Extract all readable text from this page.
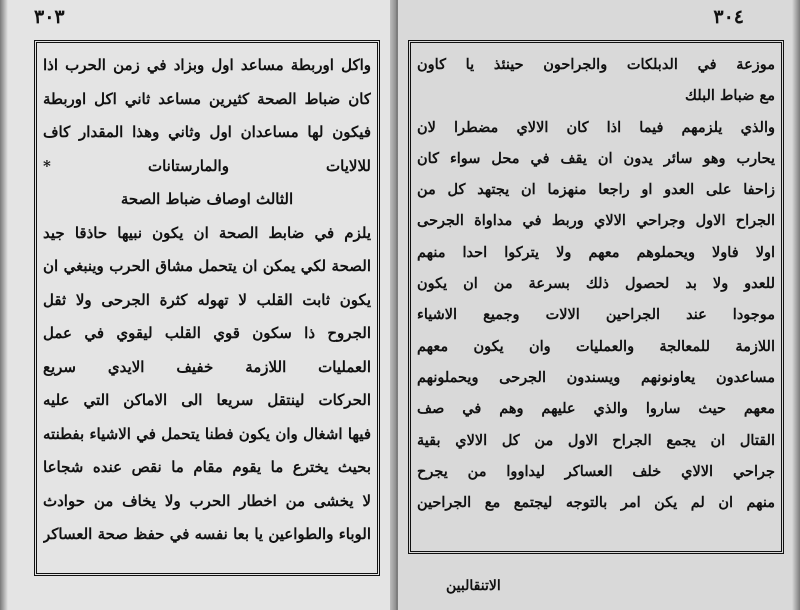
٣٠٣
واكل اوربطة مساعد اول وبزاد في زمن الحرب اذا
كان ضباط الصحة كثيرين مساعد ثاني اكل اوربطة
فيكون لها مساعدان اول وثاني وهذا المقدار كاف
للالايات والمارستانات *
الثالث اوصاف ضباط الصحة
يلزم في ضابط الصحة ان يكون نبيها حاذقا جيد
الصحة لكي يمكن ان يتحمل مشاق الحرب وينبغي ان
يكون ثابت القلب لا تهوله كثرة الجرحى ولا ثقل
الجروح ذا سكون قوي القلب ليقوي في عمل
العمليات اللازمة خفيف الايدي سريع
الحركات لينتقل سريعا الى الاماكن التي عليه
فيها اشغال وان يكون فطنا يتحمل في الاشياء بفطنته
بحيث يخترع ما يقوم مقام ما نقص عنده شجاعا
لا يخشى من اخطار الحرب ولا يخاف من حوادث
الوباء والطواعين يا بعا نفسه في حفظ صحة العساكر
٣٠٤
موزعة في الدبلكات والجراحون حينئذ يا كاون
مع ضباط البلك
والذي يلزمهم فيما اذا كان الالاي مضطرا لان
يحارب وهو سائر يدون ان يقف في محل سواء كان
زاحفا على العدو او راجعا منهزما ان يجتهد كل من
الجراح الاول وجراحي الالاي وربط في مداواة الجرحى
اولا فاولا ويحملوهم معهم ولا يتركوا احدا منهم
للعدو ولا بد لحصول ذلك بسرعة من ان يكون
موجودا عند الجراحين الالات وجميع الاشياء
اللازمة للمعالجة والعمليات وان يكون معهم
مساعدون يعاونونهم ويسندون الجرحى ويحملونهم
معهم حيث ساروا والذي عليهم وهم في صف
القتال ان يجمع الجراح الاول من كل الالاي بقية
جراحي الالاي خلف العساكر ليداووا من يجرح
منهم ان لم يكن امر بالتوجه ليجتمع مع الجراحين
الاتنقالبين
